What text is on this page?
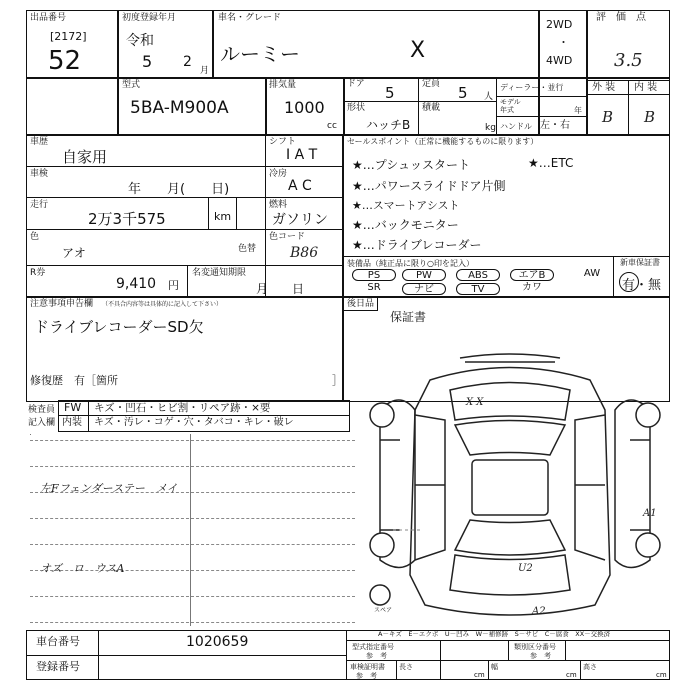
出品番号
[2172]
52
初度登録年月
令和
5 2
月
車名・グレード
ルーミー	X
2WD
・
4WD
評　価　点
3.5
外 装 内 装
B B
型式
5BA-M900A
排気量
1000
cc
ドア 5	定員 5 人
形状
ハッチB
積載
kg
ディーラー・並行
モデル
年式	年
ハンドル 左・右
車歴
自家用
シフト
I A T
車検
年　　月(　　日)
冷房
A C
走行
2万3千575	km
燃料
ガソリン
色
アオ	色替
色コード
B86
R券
9,410 円
名変通知期限
月　　日
セールスポイント（正常に機能するものに限ります）
★…プシュッスタート	★…ETC
★…パワースライドドア片側
★…スマートアシスト
★…バックモニター
★…ドライブレコーダー
装備品（純正品に限り○印を記入）	新車保証書
有・無
PS	PW	ABS	エアB	AW
SR	ナビ	TV	カワ
注意事項申告欄 （不具合内容等は具体的に記入して下さい）
ドライブレコーダーSD欠
修復歴　有［箇所	］
後日品
保証書
検査員
記入欄
FW キズ・凹石・ヒビ割・リペア跡・×要
内装 キズ・汚レ・コゲ・穴・タバコ・キレ・破レ
左Fフェンダーステー　メイ
オズ　ロ　ウスA
X X
A1
U2
A2
スペア
A－キズ　E－エクボ　U－凹み　W－補修跡　S－サビ　C－腐食　XX－交換済
車台番号	1020659
登録番号
型式指定番号
参　考
類別区分番号
参　考
車検証明書
参　考
長さ
cm
幅
cm
高さ
cm
